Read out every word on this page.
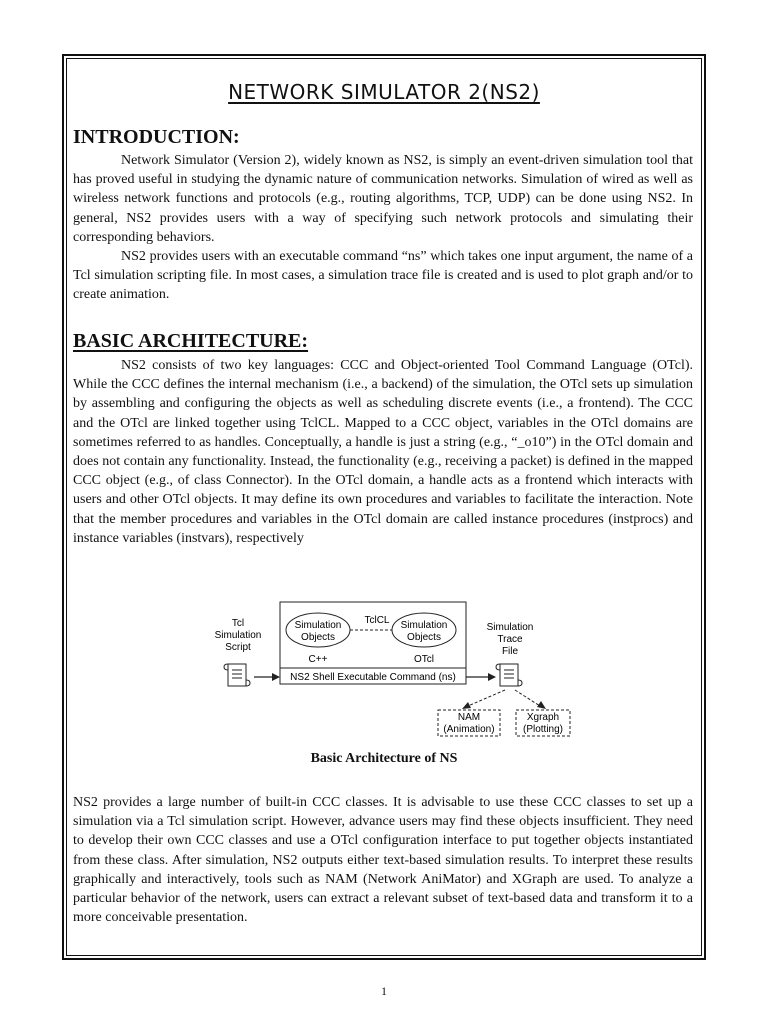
NETWORK SIMULATOR 2(NS2)
INTRODUCTION:

Network Simulator (Version 2), widely known as NS2, is simply an event-driven simulation tool that has proved useful in studying the dynamic nature of communication networks. Simulation of wired as well as wireless network functions and protocols (e.g., routing algorithms, TCP, UDP) can be done using NS2. In general, NS2 provides users with a way of specifying such network protocols and simulating their corresponding behaviors.

NS2 provides users with an executable command “ns” which takes one input argument, the name of a Tcl simulation scripting file. In most cases, a simulation trace file is created and is used to plot graph and/or to create animation.

BASIC ARCHITECTURE:

NS2 consists of two key languages: CCC and Object-oriented Tool Command Language (OTcl). While the CCC defines the internal mechanism (i.e., a backend) of the simulation, the OTcl sets up simulation by assembling and configuring the objects as well as scheduling discrete events (i.e., a frontend). The CCC and the OTcl are linked together using TclCL. Mapped to a CCC object, variables in the OTcl domains are sometimes referred to as handles. Conceptually, a handle is just a string (e.g., “_o10”) in the OTcl domain and does not contain any functionality. Instead, the functionality (e.g., receiving a packet) is defined in the mapped CCC object (e.g., of class Connector). In the OTcl domain, a handle acts as a frontend which interacts with users and other OTcl objects. It may define its own procedures and variables to facilitate the interaction. Note that the member procedures and variables in the OTcl domain are called instance procedures (instprocs) and instance variables (instvars), respectively

Tcl
Simulation
Script
NS2 Shell Executable Command (ns)
TclCL
Simulation
Objects
Simulation
Objects
C++	OTcl
Simulation
Trace
File
NAM
(Animation)
Xgraph
(Plotting)
Basic Architecture of NS

NS2 provides a large number of built-in CCC classes. It is advisable to use these CCC classes to set up a simulation via a Tcl simulation script. However, advance users may find these objects insufficient. They need to develop their own CCC classes and use a OTcl configuration interface to put together objects instantiated from these class. After simulation, NS2 outputs either text-based simulation results. To interpret these results graphically and interactively, tools such as NAM (Network AniMator) and XGraph are used. To analyze a particular behavior of the network, users can extract a relevant subset of text-based data and transform it to a more conceivable presentation.

1
